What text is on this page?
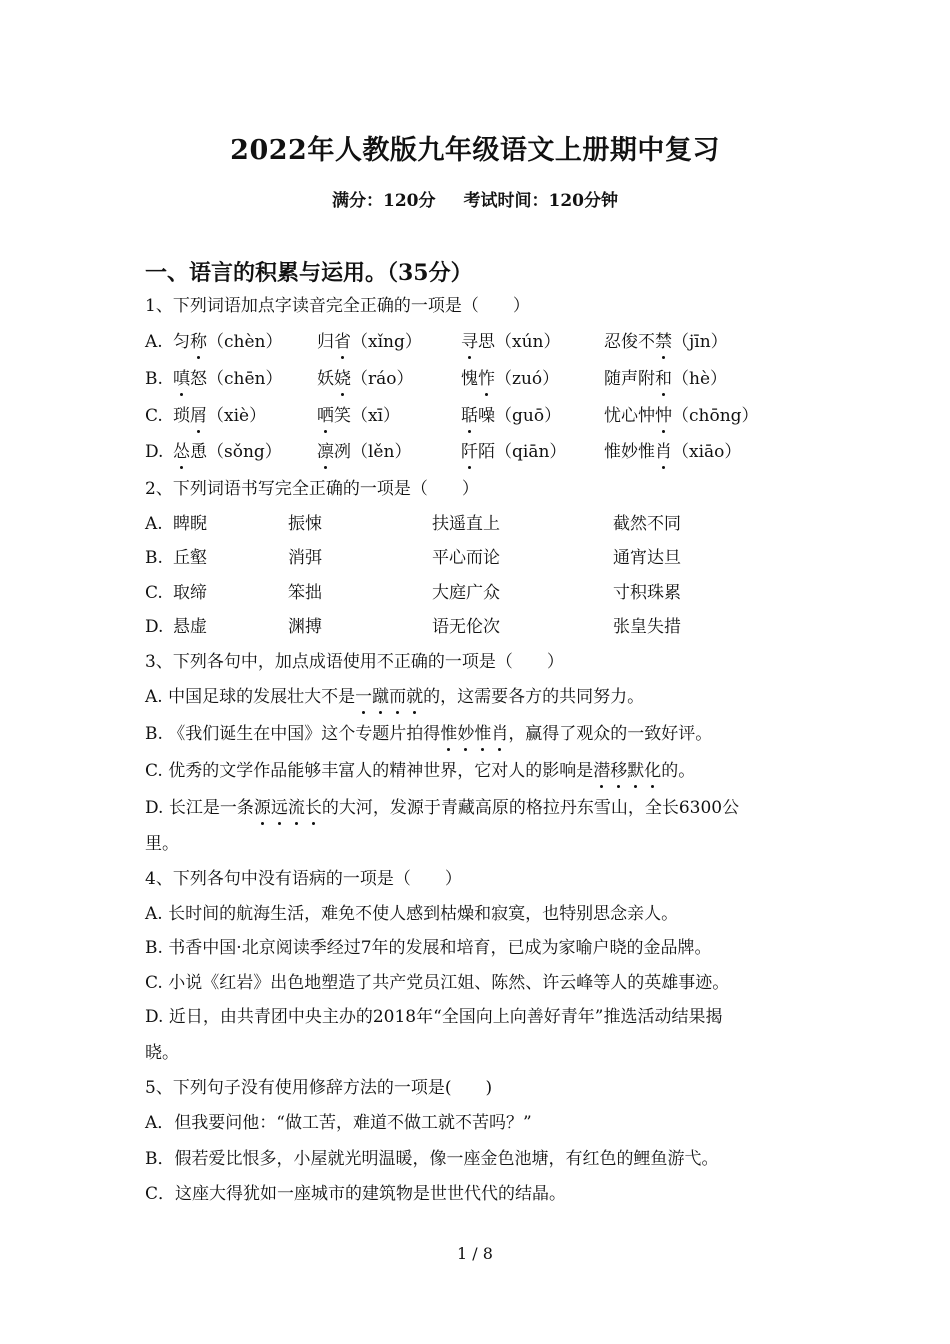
2022年人教版九年级语文上册期中复习
满分：120分 考试时间：120分钟
一、语言的积累与运用。（35分）
1、下列词语加点字读音完全正确的一项是（　　）
A. 匀称（chèn） 归省（xǐng） 寻思（xún）	忍俊不禁（jīn）
B. 嗔怒（chēn） 妖娆（ráo）	愧怍（zuó）	随声附和（hè）
C. 琐屑（xiè）	哂笑（xī）	聒噪（guō）	忧心忡忡（chōng）
D. 怂恿（sǒng） 凛冽（lěn）	阡陌（qiān） 惟妙惟肖（xiāo）
2、下列词语书写完全正确的一项是（　　）
A. 睥睨	振悚	扶遥直上	截然不同
B. 丘壑	消弭	平心而论	通宵达旦
C. 取缔	笨拙	大庭广众	寸积珠累
D. 悬虚	渊搏	语无伦次	张皇失措
3、下列各句中，加点成语使用不正确的一项是（　　）
A. 中国足球的发展壮大不是一蹴而就的，这需要各方的共同努力。
B. 《我们诞生在中国》这个专题片拍得惟妙惟肖，赢得了观众的一致好评。
C. 优秀的文学作品能够丰富人的精神世界，它对人的影响是潜移默化的。
D. 长江是一条源远流长的大河，发源于青藏高原的格拉丹东雪山，全长6300公
里。
4、下列各句中没有语病的一项是（　　）
A. 长时间的航海生活，难免不使人感到枯燥和寂寞，也特别思念亲人。
B. 书香中国·北京阅读季经过7年的发展和培育，已成为家喻户晓的金品牌。
C. 小说《红岩》出色地塑造了共产党员江姐、陈然、许云峰等人的英雄事迹。
D. 近日，由共青团中央主办的2018年“全国向上向善好青年”推选活动结果揭
晓。
5、下列句子没有使用修辞方法的一项是(　　)
A．但我要问他：“做工苦，难道不做工就不苦吗？”
B．假若爱比恨多，小屋就光明温暖，像一座金色池塘，有红色的鲤鱼游弋。
C．这座大得犹如一座城市的建筑物是世世代代的结晶。
1 / 8
